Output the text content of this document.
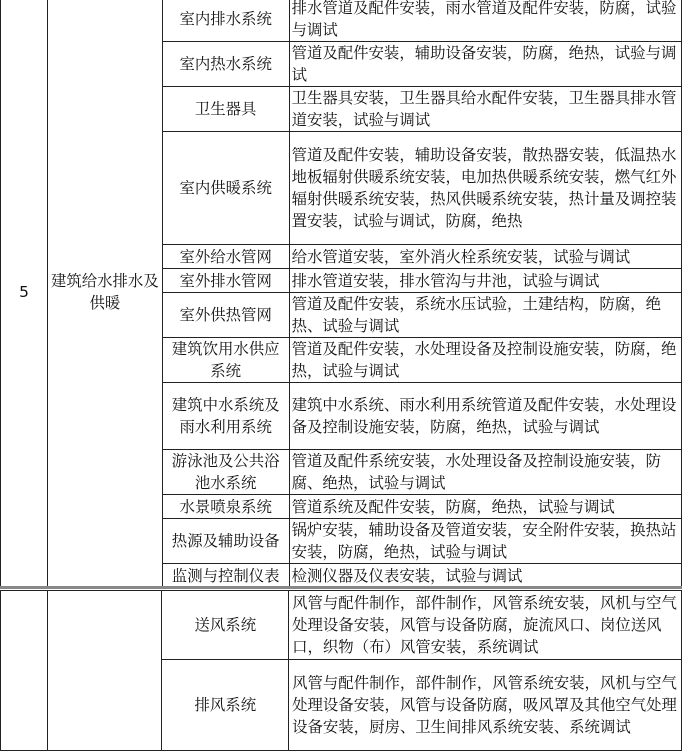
5	建筑给水排水及供暖	室内排水系统	排水管道及配件安装，雨水管道及配件安装，防腐，试验与调试
		室内热水系统	管道及配件安装，辅助设备安装，防腐，绝热，试验与调试
		卫生器具	卫生器具安装，卫生器具给水配件安装，卫生器具排水管道安装，试验与调试
		室内供暖系统	管道及配件安装，辅助设备安装，散热器安装，低温热水地板辐射供暖系统安装，电加热供暖系统安装，燃气红外辐射供暖系统安装，热风供暖系统安装，热计量及调控装置安装，试验与调试，防腐，绝热
		室外给水管网	给水管道安装，室外消火栓系统安装，试验与调试
		室外排水管网	排水管道安装，排水管沟与井池，试验与调试
		室外供热管网	管道及配件安装，系统水压试验，土建结构，防腐，绝热、试验与调试
		建筑饮用水供应系统	管道及配件安装，水处理设备及控制设施安装，防腐，绝热，试验与调试
		建筑中水系统及雨水利用系统	建筑中水系统、雨水利用系统管道及配件安装，水处理设备及控制设施安装，防腐，绝热，试验与调试
		游泳池及公共浴池水系统	管道及配件系统安装，水处理设备及控制设施安装，防腐、绝热，试验与调试
		水景喷泉系统	管道系统及配件安装，防腐，绝热，试验与调试
		热源及辅助设备	锅炉安装，辅助设备及管道安装，安全附件安装，换热站安装，防腐，绝热，试验与调试
		监测与控制仪表	检测仪器及仪表安装，试验与调试
		送风系统	风管与配件制作，部件制作，风管系统安装，风机与空气处理设备安装，风管与设备防腐，旋流风口、岗位送风口，织物（布）风管安装，系统调试
		排风系统	风管与配件制作，部件制作，风管系统安装，风机与空气处理设备安装，风管与设备防腐，吸风罩及其他空气处理设备安装，厨房、卫生间排风系统安装、系统调试
